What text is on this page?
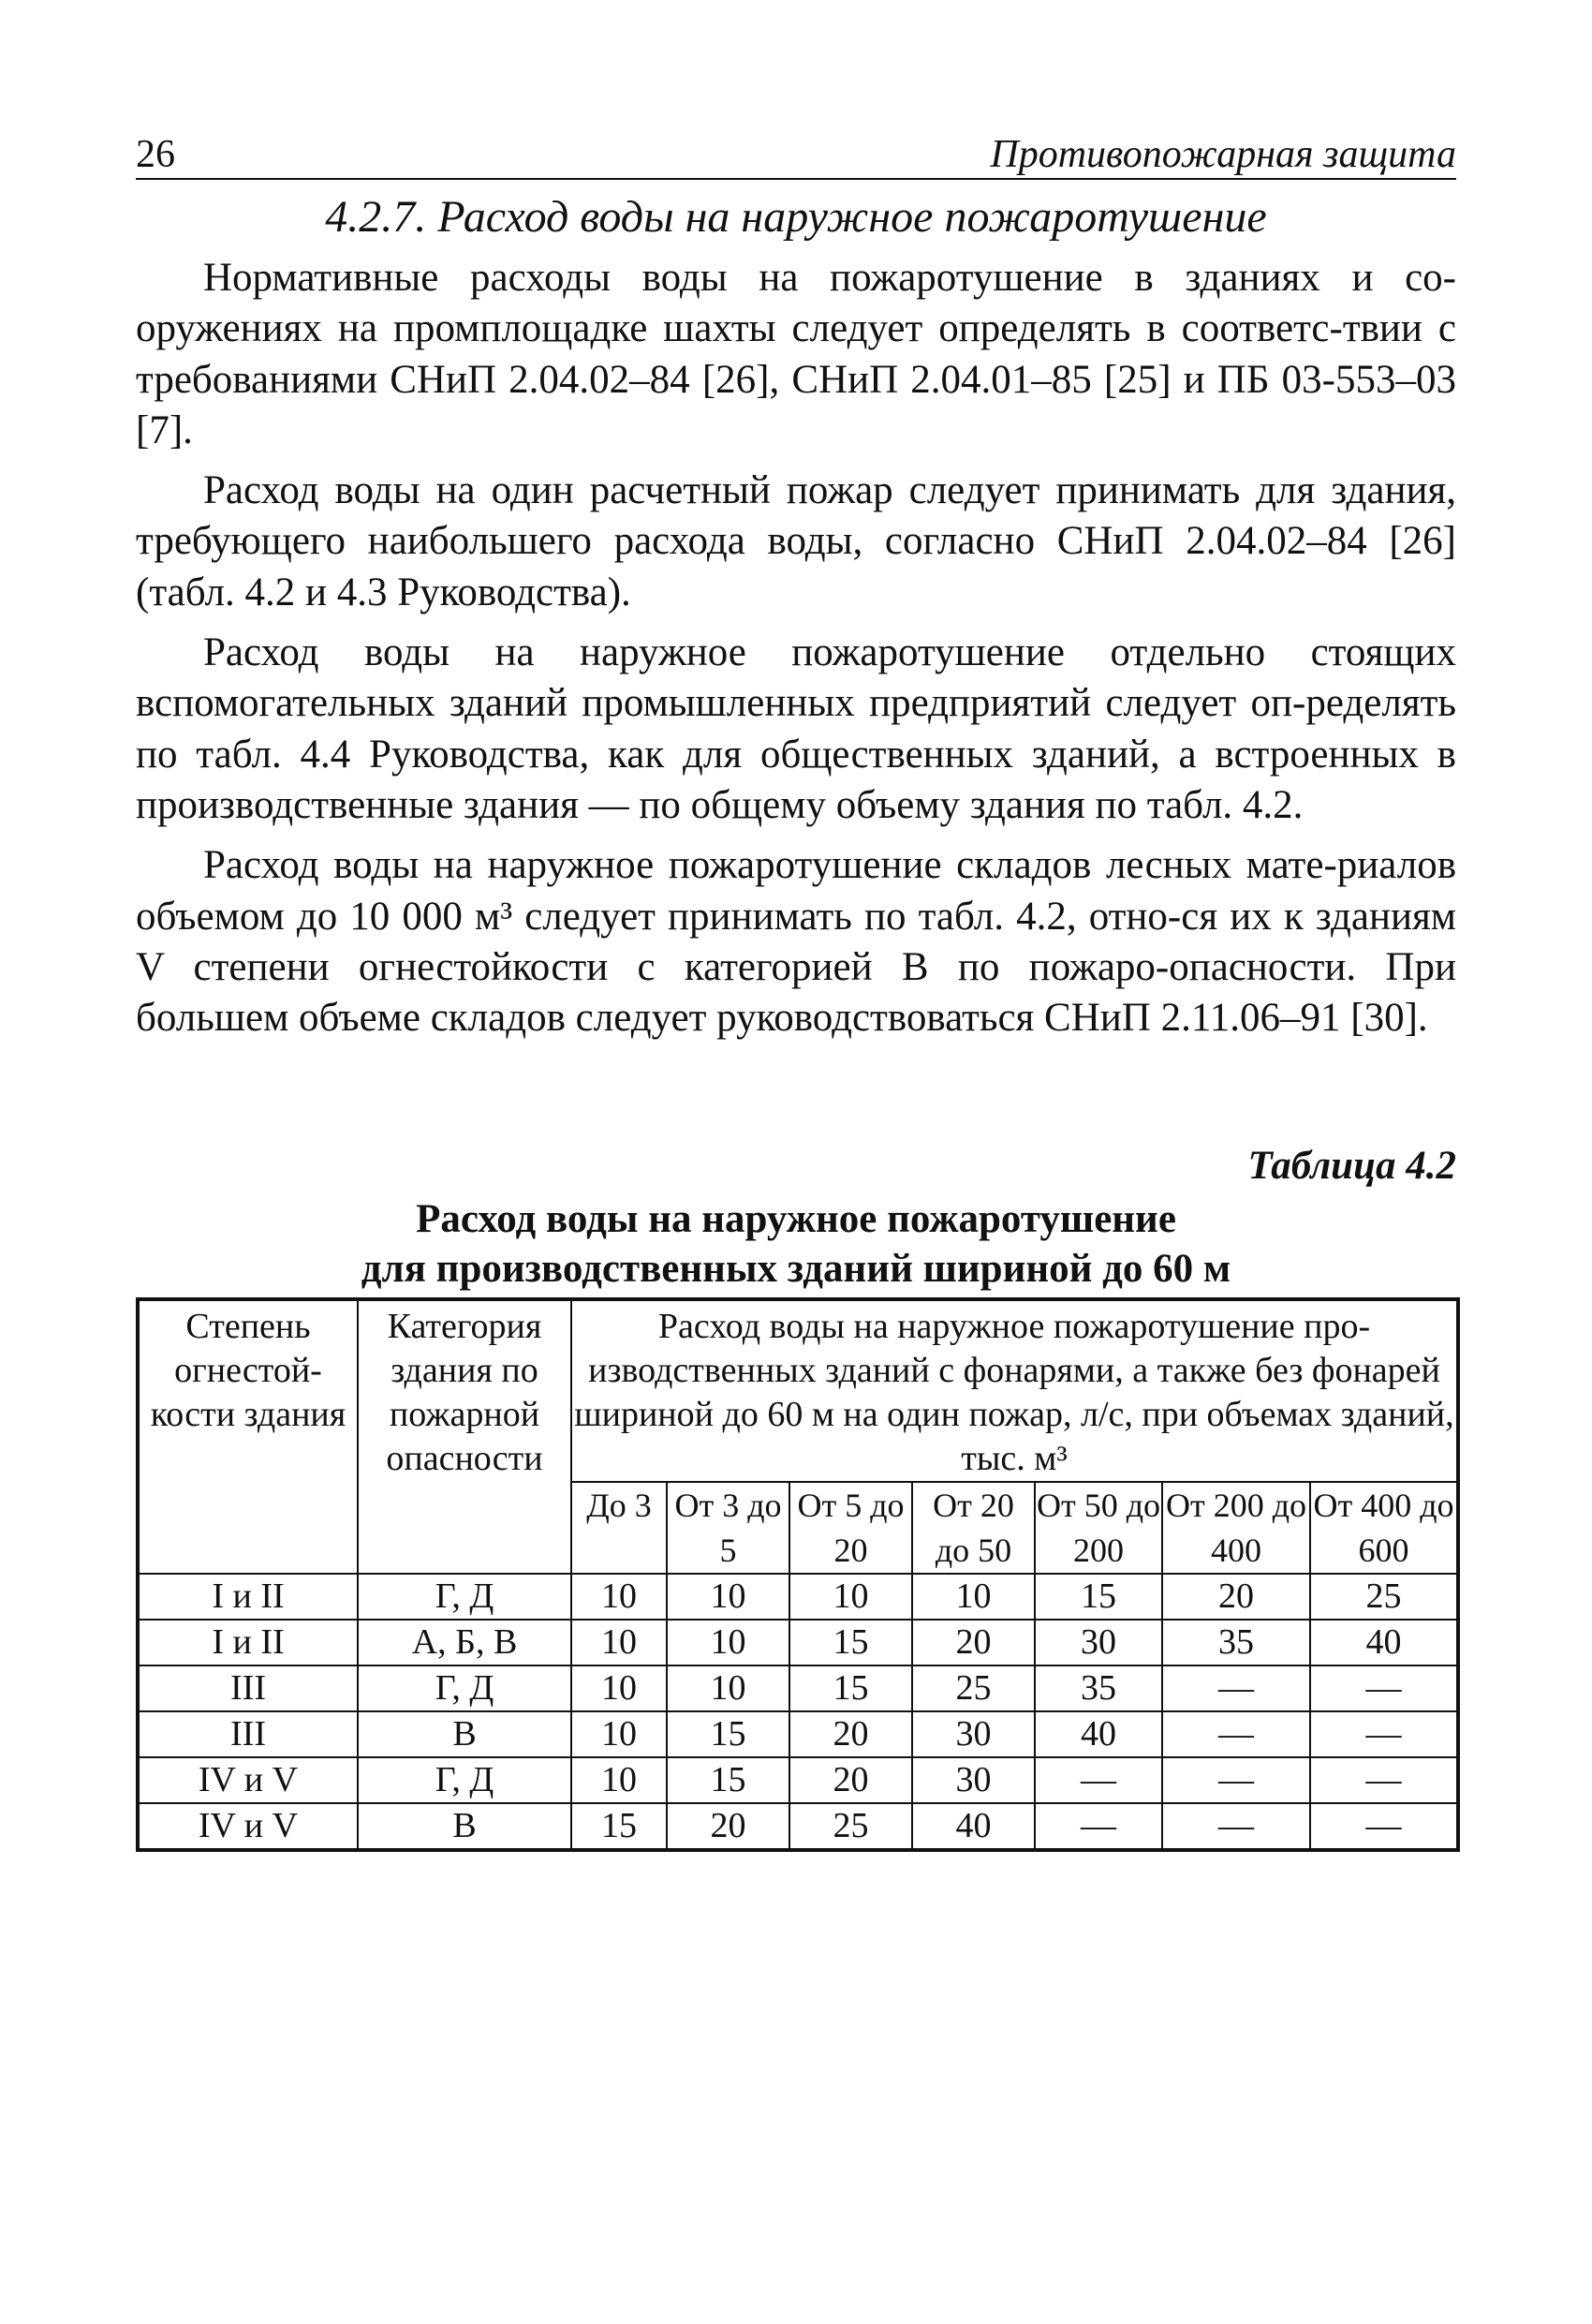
26	Противопожарная защита
4.2.7. Расход воды на наружное пожаротушение

Нормативные расходы воды на пожаротушение в зданиях и со-оружениях на промплощадке шахты следует определять в соответс-твии с требованиями СНиП 2.04.02–84 [26], СНиП 2.04.01–85 [25] и ПБ 03-553–03 [7].

Расход воды на один расчетный пожар следует принимать для здания, требующего наибольшего расхода воды, согласно СНиП 2.04.02–84 [26] (табл. 4.2 и 4.3 Руководства).

Расход воды на наружное пожаротушение отдельно стоящих вспомогательных зданий промышленных предприятий следует оп-ределять по табл. 4.4 Руководства, как для общественных зданий, а встроенных в производственные здания — по общему объему здания по табл. 4.2.

Расход воды на наружное пожаротушение складов лесных мате-риалов объемом до 10 000 м³ следует принимать по табл. 4.2, отно-ся их к зданиям V степени огнестойкости с категорией В по пожаро-опасности. При большем объеме складов следует руководствоваться СНиП 2.11.06–91 [30].

Таблица 4.2
Расход воды на наружное пожаротушение
для производственных зданий шириной до 60 м
Степень огнестой-кости здания	Категория здания по пожарной опасности	Расход воды на наружное пожаротушение про-изводственных зданий с фонарями, а также без фонарей шириной до 60 м на один пожар, л/с, при объемах зданий, тыс. м³						
		До 3	От 3 до 5	От 5 до 20	От 20 до 50	От 50 до 200	От 200 до 400	От 400 до 600
I и II	Г, Д	10	10	10	10	15	20	25
I и II	А, Б, В	10	10	15	20	30	35	40
III	Г, Д	10	10	15	25	35	—	—
III	В	10	15	20	30	40	—	—
IV и V	Г, Д	10	15	20	30	—	—	—
IV и V	В	15	20	25	40	—	—	—
